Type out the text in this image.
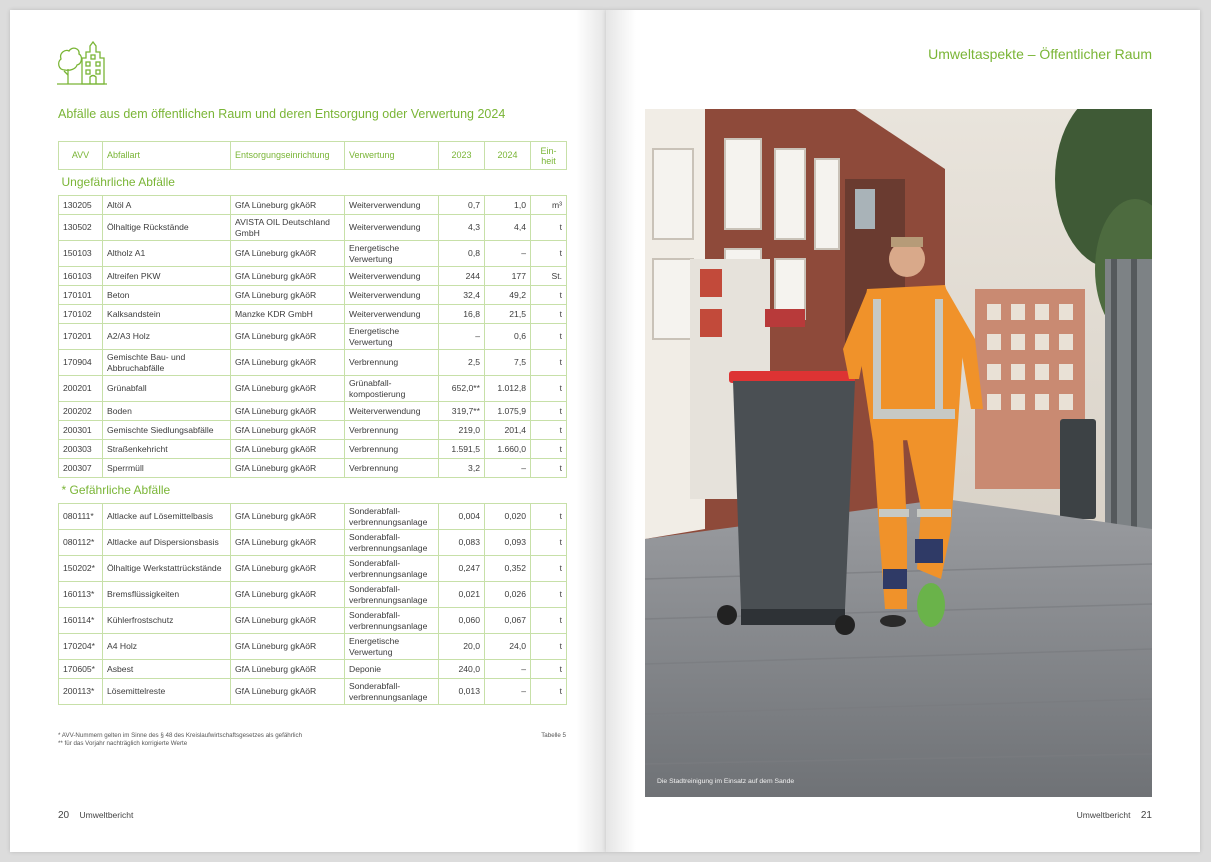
Abfälle aus dem öffentlichen Raum und deren Entsorgung oder Verwertung 2024
AVV	Abfallart	Entsorgungseinrichtung	Verwertung	2023	2024	Ein-
heit
Ungefährliche Abfälle						
130205	Altöl A	GfA Lüneburg gkAöR	Weiterverwendung	0,7	1,0	m³
130502	Ölhaltige Rückstände	AVISTA OIL Deutschland GmbH	Weiterverwendung	4,3	4,4	t
150103	Altholz A1	GfA Lüneburg gkAöR	Energetische Verwertung	0,8	–	t
160103	Altreifen PKW	GfA Lüneburg gkAöR	Weiterverwendung	244	177	St.
170101	Beton	GfA Lüneburg gkAöR	Weiterverwendung	32,4	49,2	t
170102	Kalksandstein	Manzke KDR GmbH	Weiterverwendung	16,8	21,5	t
170201	A2/A3 Holz	GfA Lüneburg gkAöR	Energetische Verwertung	–	0,6	t
170904	Gemischte Bau- und Abbruchabfälle	GfA Lüneburg gkAöR	Verbrennung	2,5	7,5	t
200201	Grünabfall	GfA Lüneburg gkAöR	Grünabfall-kompostierung	652,0**	1.012,8	t
200202	Boden	GfA Lüneburg gkAöR	Weiterverwendung	319,7**	1.075,9	t
200301	Gemischte Siedlungsabfälle	GfA Lüneburg gkAöR	Verbrennung	219,0	201,4	t
200303	Straßenkehricht	GfA Lüneburg gkAöR	Verbrennung	1.591,5	1.660,0	t
200307	Sperrmüll	GfA Lüneburg gkAöR	Verbrennung	3,2	–	t
* Gefährliche Abfälle						
080111*	Altlacke auf Lösemittelbasis	GfA Lüneburg gkAöR	Sonderabfall-verbrennungsanlage	0,004	0,020	t
080112*	Altlacke auf Dispersionsbasis	GfA Lüneburg gkAöR	Sonderabfall-verbrennungsanlage	0,083	0,093	t
150202*	Ölhaltige Werkstattrückstände	GfA Lüneburg gkAöR	Sonderabfall-verbrennungsanlage	0,247	0,352	t
160113*	Bremsflüssigkeiten	GfA Lüneburg gkAöR	Sonderabfall-verbrennungsanlage	0,021	0,026	t
160114*	Kühlerfrostschutz	GfA Lüneburg gkAöR	Sonderabfall-verbrennungsanlage	0,060	0,067	t
170204*	A4 Holz	GfA Lüneburg gkAöR	Energetische Verwertung	20,0	24,0	t
170605*	Asbest	GfA Lüneburg gkAöR	Deponie	240,0	–	t
200113*	Lösemittelreste	GfA Lüneburg gkAöR	Sonderabfall-verbrennungsanlage	0,013	–	t
* AVV-Nummern gelten im Sinne des § 48 des Kreislaufwirtschaftsgesetzes als gefährlich
** für das Vorjahr nachträglich korrigierte Werte
Tabelle 5
20 Umweltbericht
Umweltaspekte – Öffentlicher Raum
Die Stadtreinigung im Einsatz auf dem Sande
Umweltbericht 21
